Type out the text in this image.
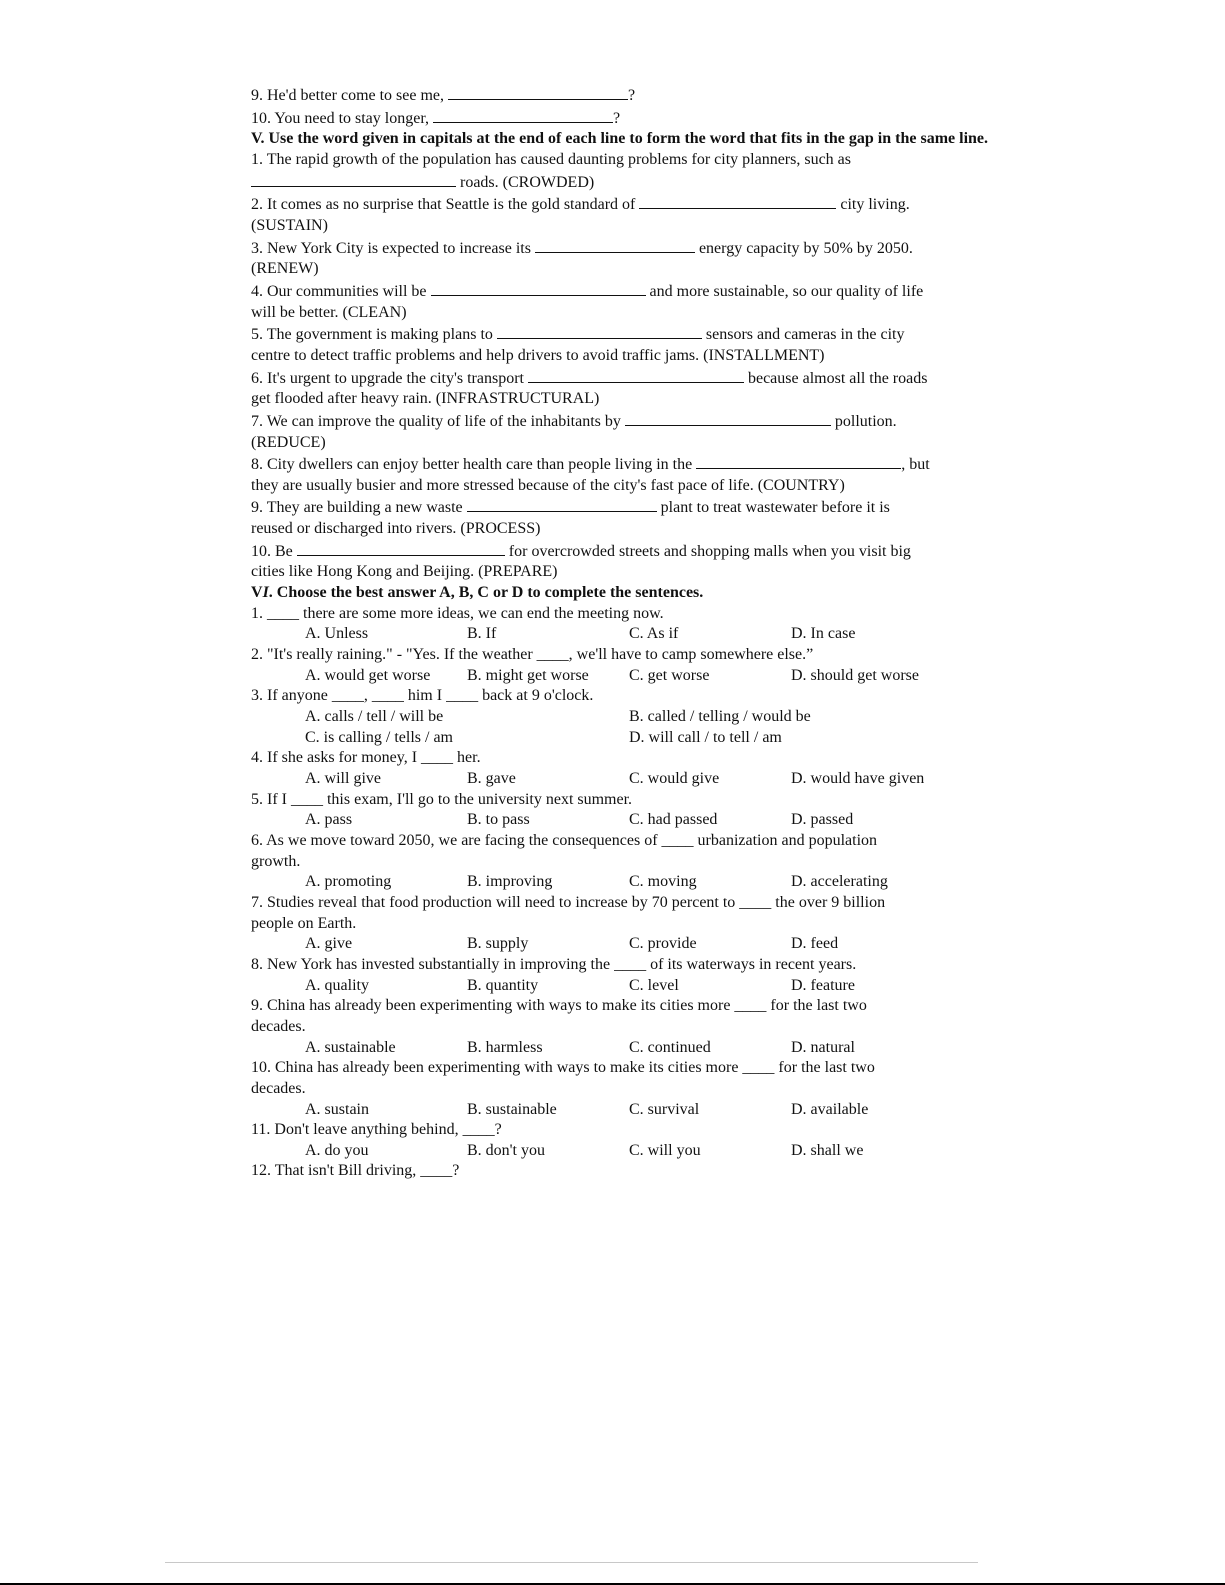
9. He'd better come to see me,	?
10. You need to stay longer,	?
V. Use the word given in capitals at the end of each line to form the word that fits in the gap in the same line.
1. The rapid growth of the population has caused daunting problems for city planners, such as
roads. (CROWDED)
2. It comes as no surprise that Seattle is the gold standard of	city living.
(SUSTAIN)
3. New York City is expected to increase its	energy capacity by 50% by 2050.
(RENEW)
4. Our communities will be	and more sustainable, so our quality of life
will be better. (CLEAN)
5. The government is making plans to	sensors and cameras in the city
centre to detect traffic problems and help drivers to avoid traffic jams. (INSTALLMENT)
6. It's urgent to upgrade the city's transport	because almost all the roads
get flooded after heavy rain. (INFRASTRUCTURAL)
7. We can improve the quality of life of the inhabitants by	pollution.
(REDUCE)
8. City dwellers can enjoy better health care than people living in the	, but
they are usually busier and more stressed because of the city's fast pace of life. (COUNTRY)
9. They are building a new waste	plant to treat wastewater before it is
reused or discharged into rivers. (PROCESS)
10. Be	for overcrowded streets and shopping malls when you visit big
cities like Hong Kong and Beijing. (PREPARE)
VI. Choose the best answer A, B, C or D to complete the sentences.
1. ____ there are some more ideas, we can end the meeting now.
A. Unless	B. If	C. As if	D. In case
2. "It's really raining." - "Yes. If the weather ____, we'll have to camp somewhere else.”
A. would get worse	B. might get worse	C. get worse	D. should get worse
3. If anyone ____, ____ him I ____ back at 9 o'clock.
A. calls / tell / will be	B. called / telling / would be
C. is calling / tells / am	D. will call / to tell / am
4. If she asks for money, I ____ her.
A. will give	B. gave	C. would give	D. would have given
5. If I ____ this exam, I'll go to the university next summer.
A. pass	B. to pass	C. had passed	D. passed
6. As we move toward 2050, we are facing the consequences of ____ urbanization and population
growth.
A. promoting	B. improving	C. moving	D. accelerating
7. Studies reveal that food production will need to increase by 70 percent to ____ the over 9 billion
people on Earth.
A. give	B. supply	C. provide	D. feed
8. New York has invested substantially in improving the ____ of its waterways in recent years.
A. quality	B. quantity	C. level	D. feature
9. China has already been experimenting with ways to make its cities more ____ for the last two
decades.
A. sustainable	B. harmless	C. continued	D. natural
10. China has already been experimenting with ways to make its cities more ____ for the last two
decades.
A. sustain	B. sustainable	C. survival	D. available
11. Don't leave anything behind, ____?
A. do you	B. don't you	C. will you	D. shall we
12. That isn't Bill driving, ____?
